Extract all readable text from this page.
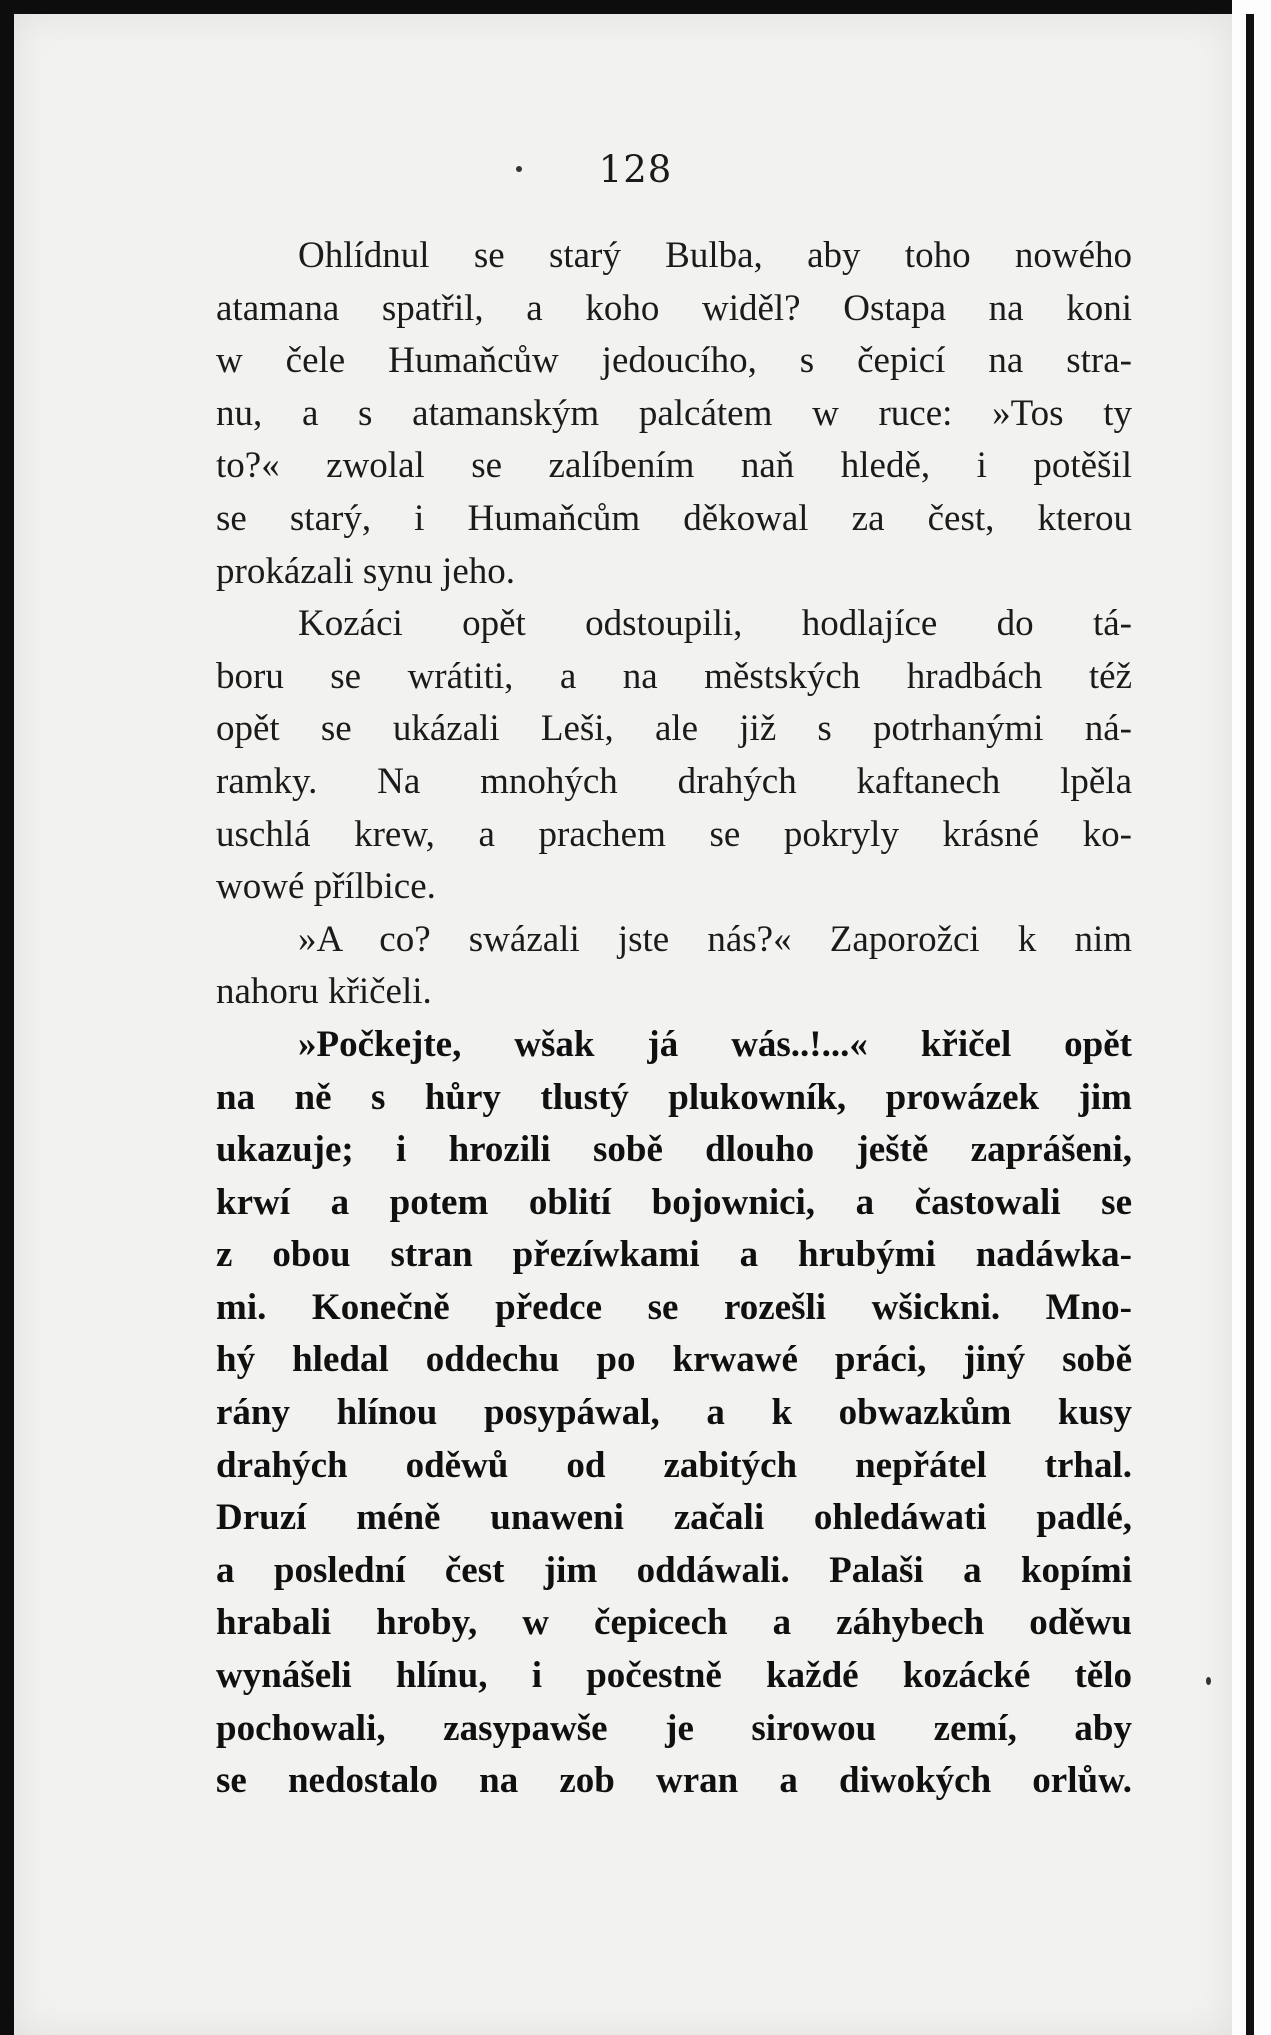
128
Ohlídnul se starý Bulba, aby toho nowého
atamana spatřil, a koho widěl? Ostapa na koni
w čele Humaňcůw jedoucího, s čepicí na stra-
nu, a s atamanským palcátem w ruce: »Tos ty
to?« zwolal se zalíbením naň hledě, i potěšil
se starý, i Humaňcům děkowal za čest, kterou
prokázali synu jeho.
Kozáci opět odstoupili, hodlajíce do tá-
boru se wrátiti, a na městských hradbách též
opět se ukázali Leši, ale již s potrhanými ná-
ramky. Na mnohých drahých kaftanech lpěla
uschlá krew, a prachem se pokryly krásné ko-
wowé přílbice.
»A co? swázali jste nás?« Zaporožci k nim
nahoru křičeli.
»Počkejte, wšak já wás..!...« křičel opět
na ně s hůry tlustý plukowník, prowázek jim
ukazuje; i hrozili sobě dlouho ještě zaprášeni,
krwí a potem oblití bojownici, a častowali se
z obou stran přezíwkami a hrubými nadáwka-
mi. Konečně předce se rozešli wšickni. Mno-
hý hledal oddechu po krwawé práci, jiný sobě
rány hlínou posypáwal, a k obwazkům kusy
drahých oděwů od zabitých nepřátel trhal.
Druzí méně unaweni začali ohledáwati padlé,
a poslední čest jim oddáwali. Palaši a kopími
hrabali hroby, w čepicech a záhybech oděwu
wynášeli hlínu, i počestně každé kozácké tělo
pochowali, zasypawše je sirowou zemí, aby
se nedostalo na zob wran a diwokých orlůw.
